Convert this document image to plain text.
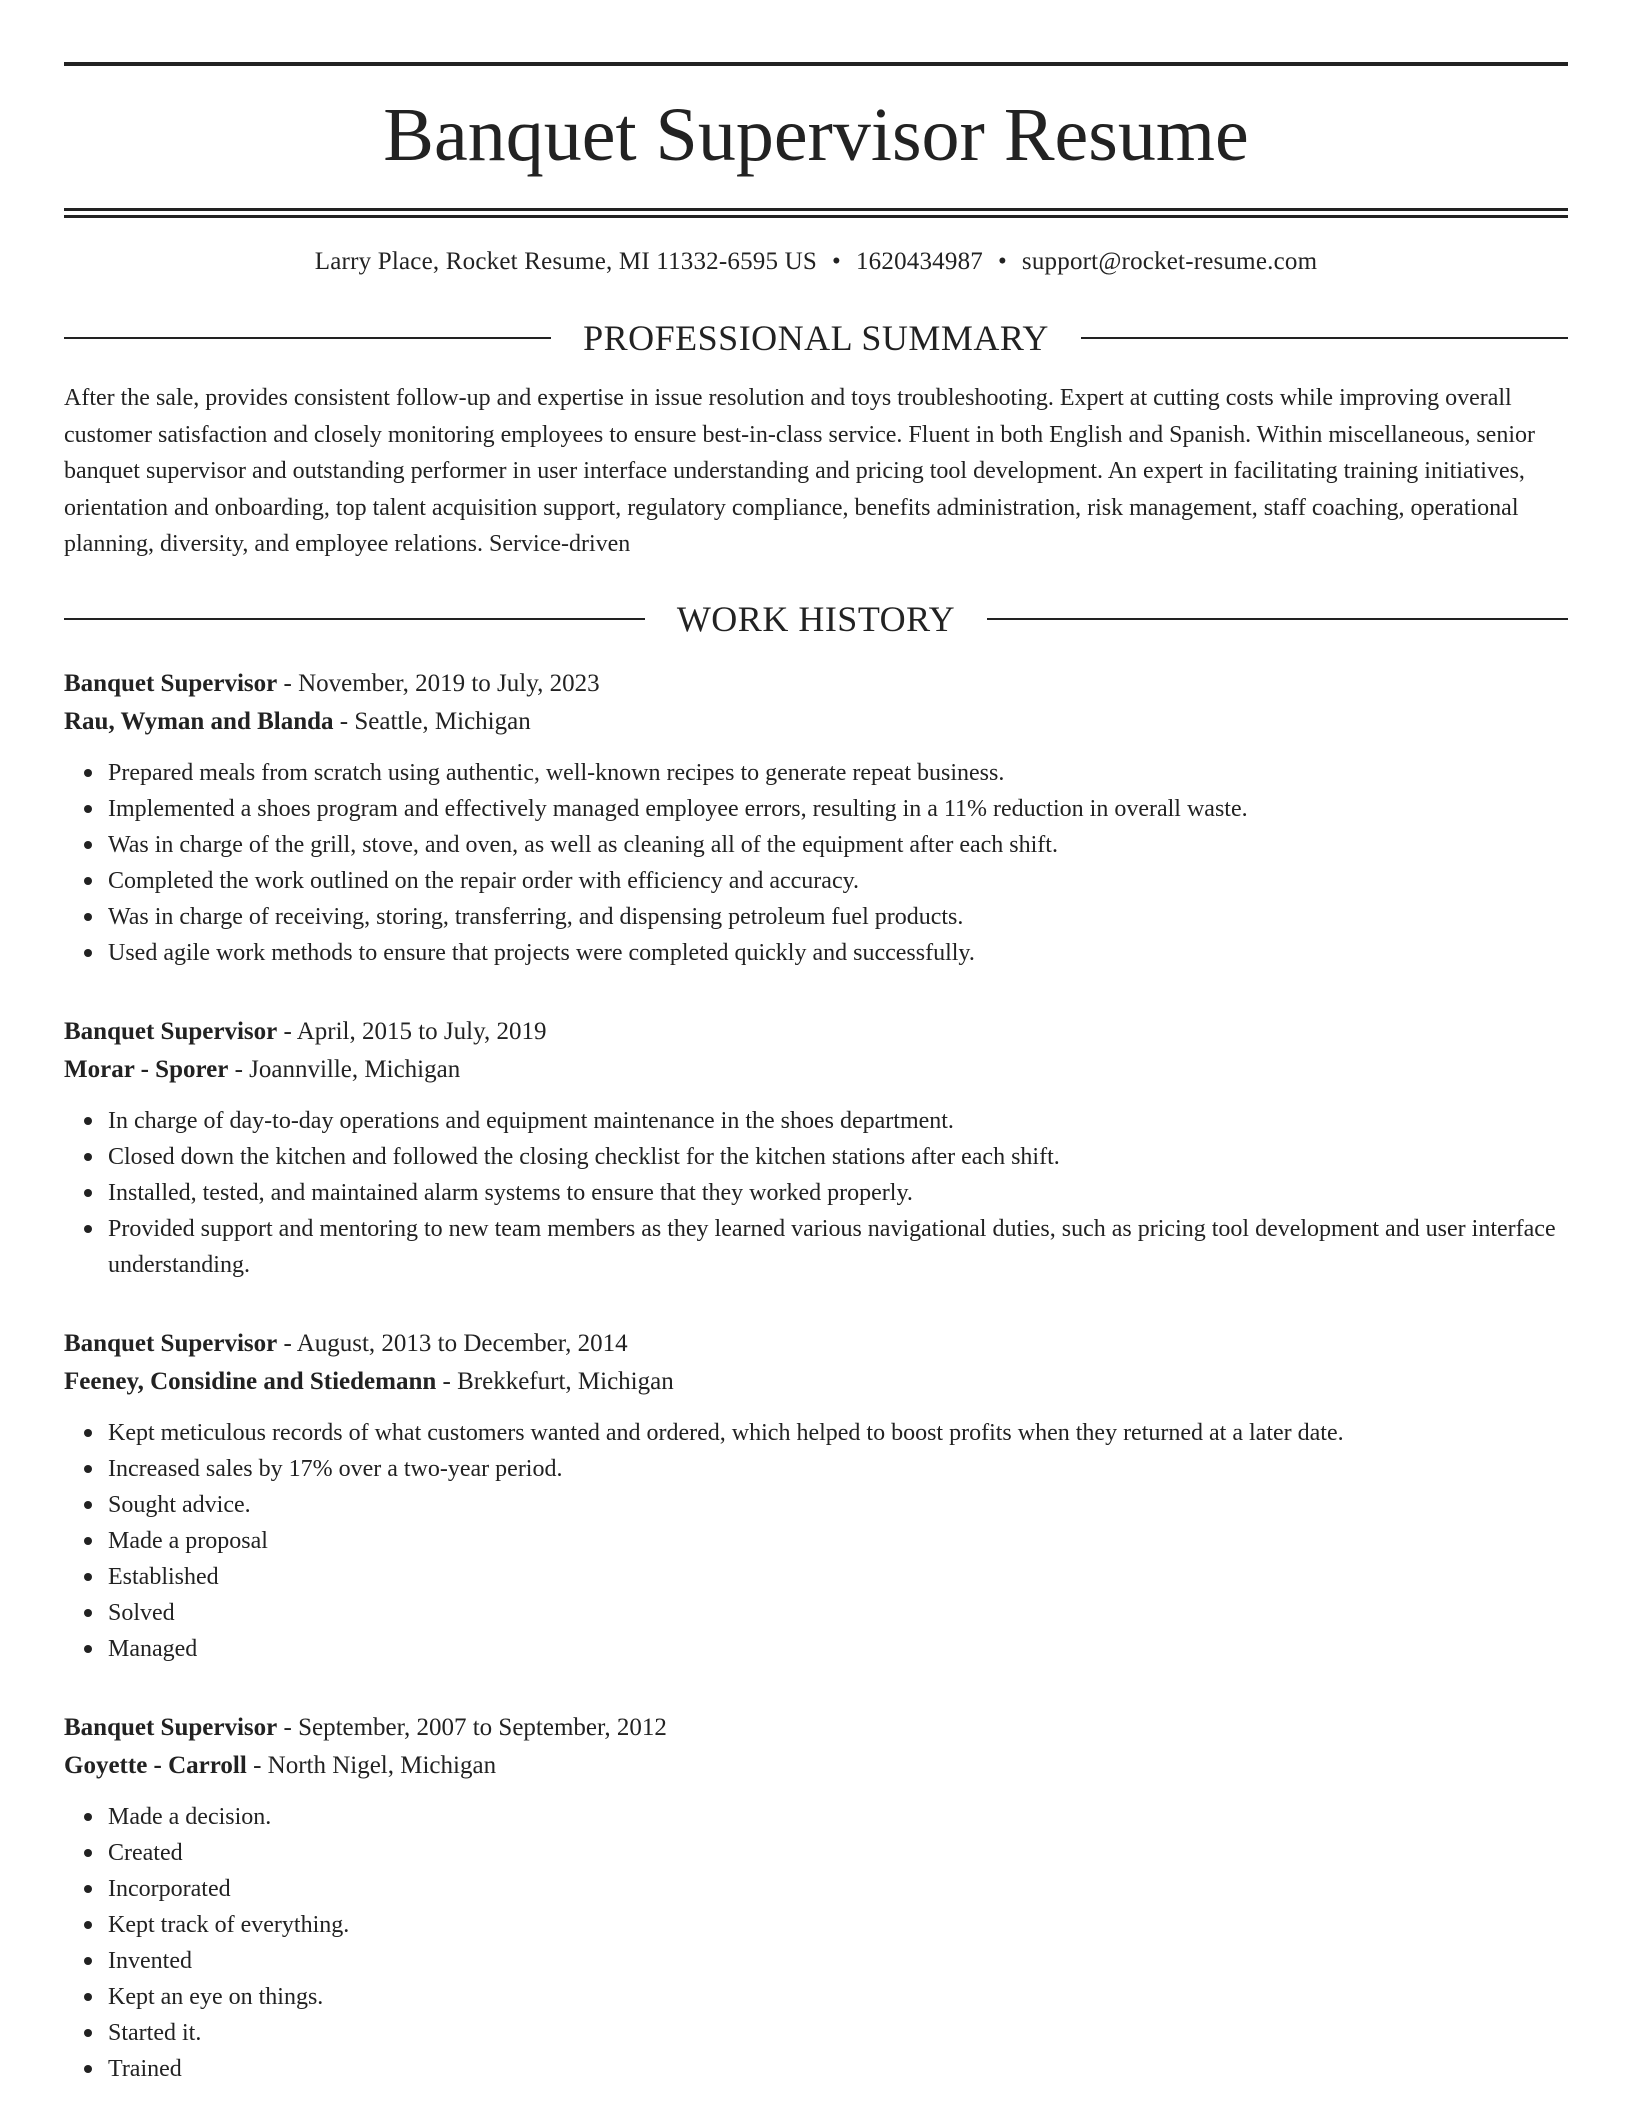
Banquet Supervisor Resume
Larry Place, Rocket Resume, MI 11332-6595 US • 1620434987 • support@rocket-resume.com
PROFESSIONAL SUMMARY

After the sale, provides consistent follow-up and expertise in issue resolution and toys troubleshooting. Expert at cutting costs while improving overall customer satisfaction and closely monitoring employees to ensure best-in-class service. Fluent in both English and Spanish. Within miscellaneous, senior banquet supervisor and outstanding performer in user interface understanding and pricing tool development. An expert in facilitating training initiatives, orientation and onboarding, top talent acquisition support, regulatory compliance, benefits administration, risk management, staff coaching, operational planning, diversity, and employee relations. Service-driven

WORK HISTORY
Banquet Supervisor - November, 2019 to July, 2023
Rau, Wyman and Blanda - Seattle, Michigan
Prepared meals from scratch using authentic, well-known recipes to generate repeat business.
Implemented a shoes program and effectively managed employee errors, resulting in a 11% reduction in overall waste.
Was in charge of the grill, stove, and oven, as well as cleaning all of the equipment after each shift.
Completed the work outlined on the repair order with efficiency and accuracy.
Was in charge of receiving, storing, transferring, and dispensing petroleum fuel products.
Used agile work methods to ensure that projects were completed quickly and successfully.
Banquet Supervisor - April, 2015 to July, 2019
Morar - Sporer - Joannville, Michigan
In charge of day-to-day operations and equipment maintenance in the shoes department.
Closed down the kitchen and followed the closing checklist for the kitchen stations after each shift.
Installed, tested, and maintained alarm systems to ensure that they worked properly.
Provided support and mentoring to new team members as they learned various navigational duties, such as pricing tool development and user interface understanding.
Banquet Supervisor - August, 2013 to December, 2014
Feeney, Considine and Stiedemann - Brekkefurt, Michigan
Kept meticulous records of what customers wanted and ordered, which helped to boost profits when they returned at a later date.
Increased sales by 17% over a two-year period.
Sought advice.
Made a proposal
Established
Solved
Managed
Banquet Supervisor - September, 2007 to September, 2012
Goyette - Carroll - North Nigel, Michigan
Made a decision.
Created
Incorporated
Kept track of everything.
Invented
Kept an eye on things.
Started it.
Trained
